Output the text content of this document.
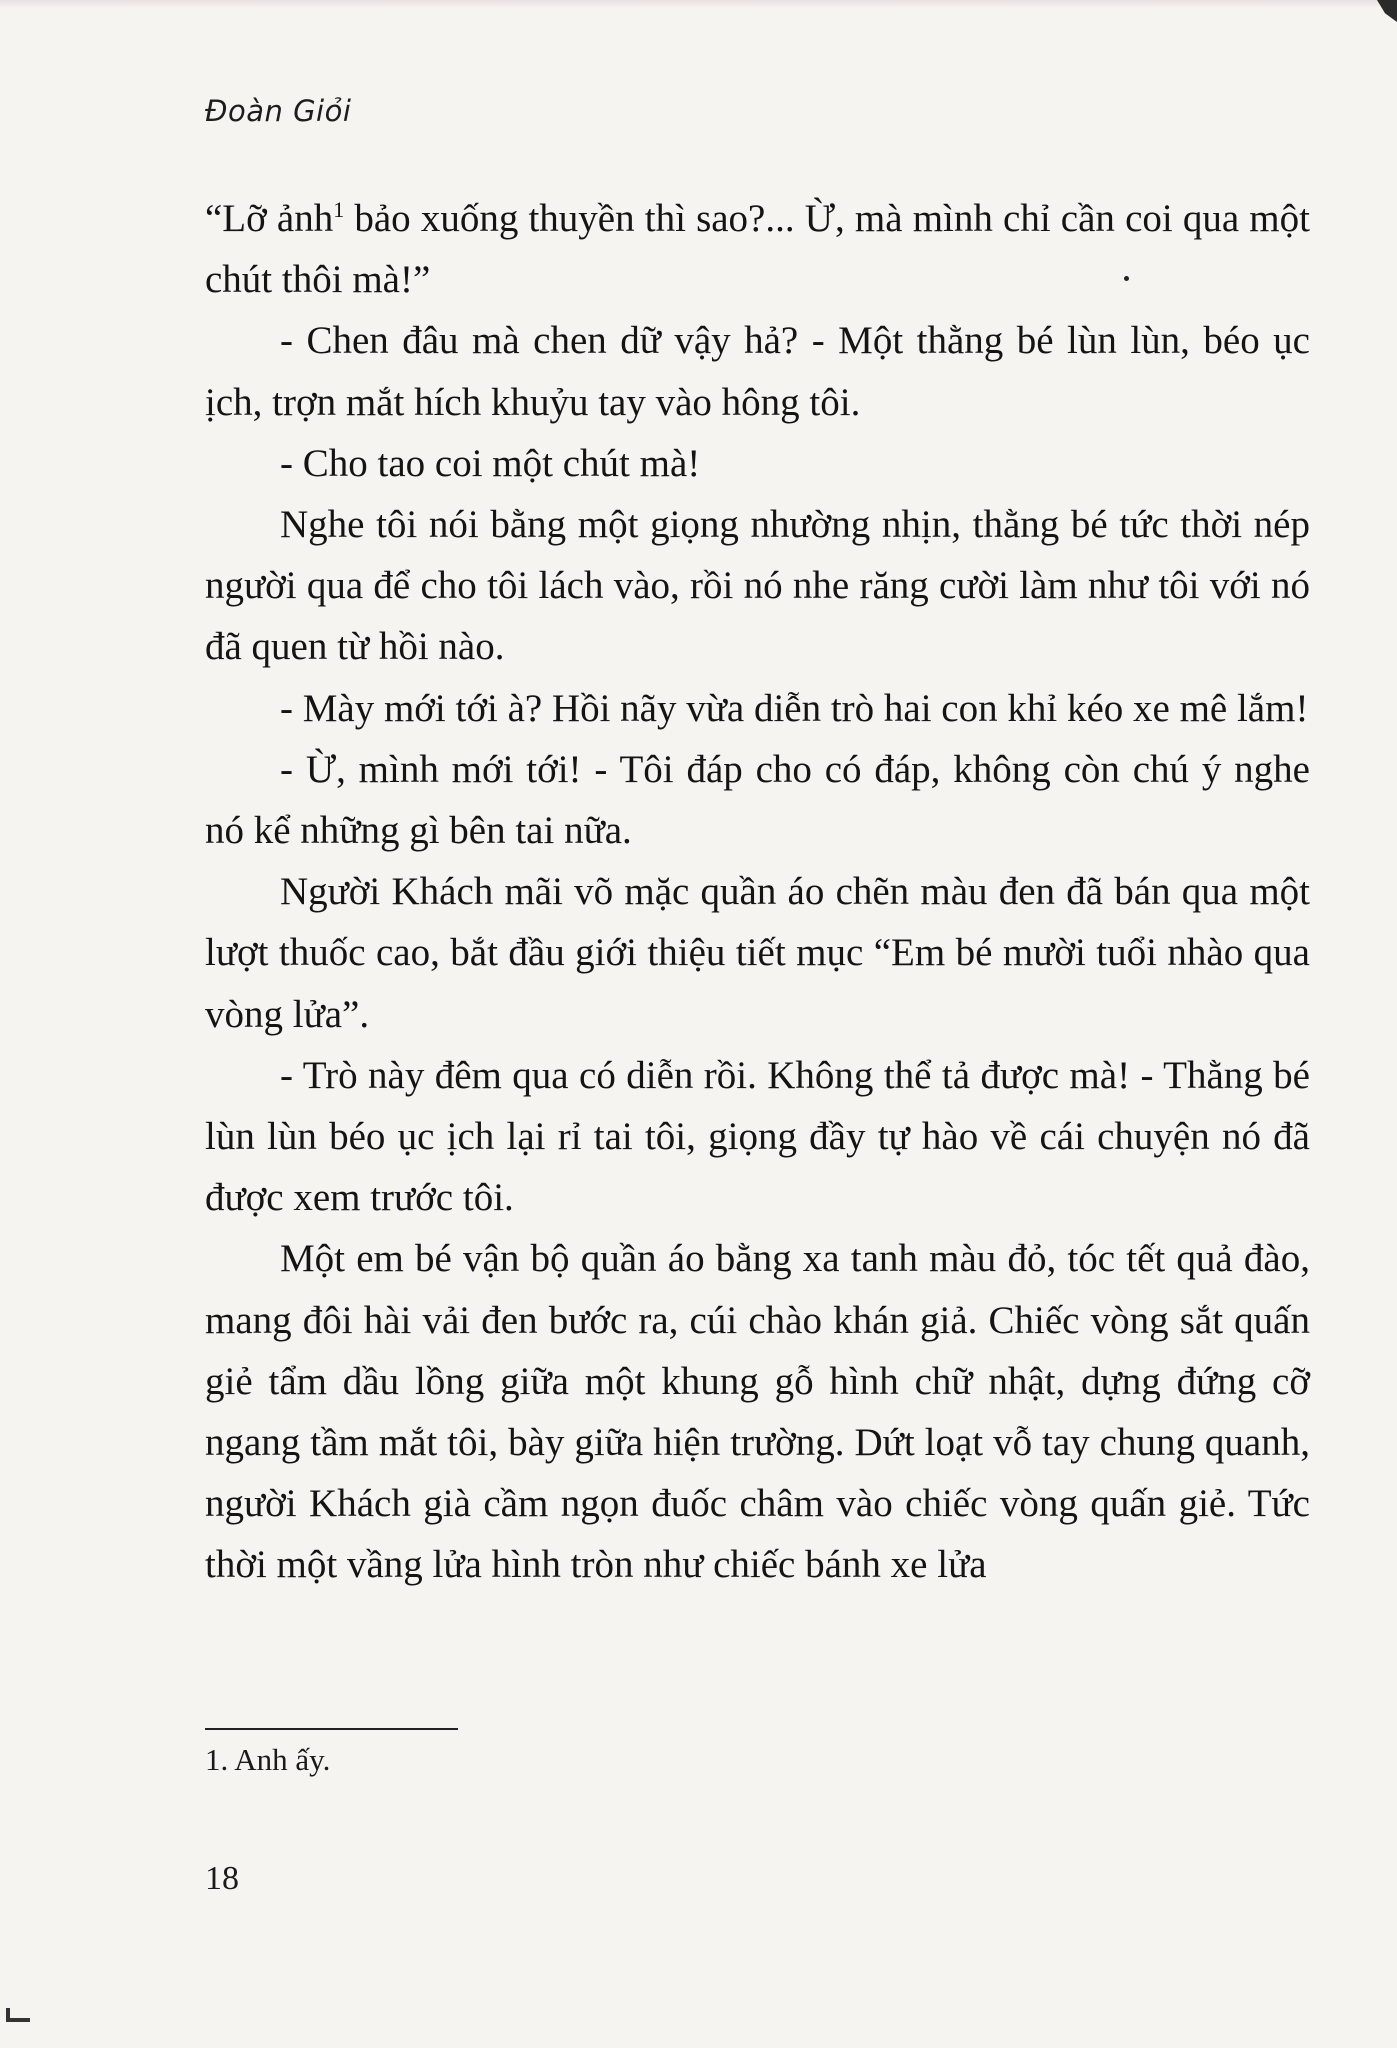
Đoàn Giỏi

“Lỡ ảnh$^1$ bảo xuống thuyền thì sao?... Ừ, mà mình chỉ cần coi qua một chút thôi mà!”

- Chen đâu mà chen dữ vậy hả? - Một thằng bé lùn lùn, béo ục ịch, trợn mắt hích khuỷu tay vào hông tôi.

- Cho tao coi một chút mà!

Nghe tôi nói bằng một giọng nhường nhịn, thằng bé tức thời nép người qua để cho tôi lách vào, rồi nó nhe răng cười làm như tôi với nó đã quen từ hồi nào.

- Mày mới tới à? Hồi nãy vừa diễn trò hai con khỉ kéo xe mê lắm!

- Ừ, mình mới tới! - Tôi đáp cho có đáp, không còn chú ý nghe nó kể những gì bên tai nữa.

Người Khách mãi võ mặc quần áo chẽn màu đen đã bán qua một lượt thuốc cao, bắt đầu giới thiệu tiết mục “Em bé mười tuổi nhào qua vòng lửa”.

- Trò này đêm qua có diễn rồi. Không thể tả được mà! - Thằng bé lùn lùn béo ục ịch lại rỉ tai tôi, giọng đầy tự hào về cái chuyện nó đã được xem trước tôi.

Một em bé vận bộ quần áo bằng xa tanh màu đỏ, tóc tết quả đào, mang đôi hài vải đen bước ra, cúi chào khán giả. Chiếc vòng sắt quấn giẻ tẩm dầu lồng giữa một khung gỗ hình chữ nhật, dựng đứng cỡ ngang tầm mắt tôi, bày giữa hiện trường. Dứt loạt vỗ tay chung quanh, người Khách già cầm ngọn đuốc châm vào chiếc vòng quấn giẻ. Tức thời một vầng lửa hình tròn như chiếc bánh xe lửa

1. Anh ấy.
18
